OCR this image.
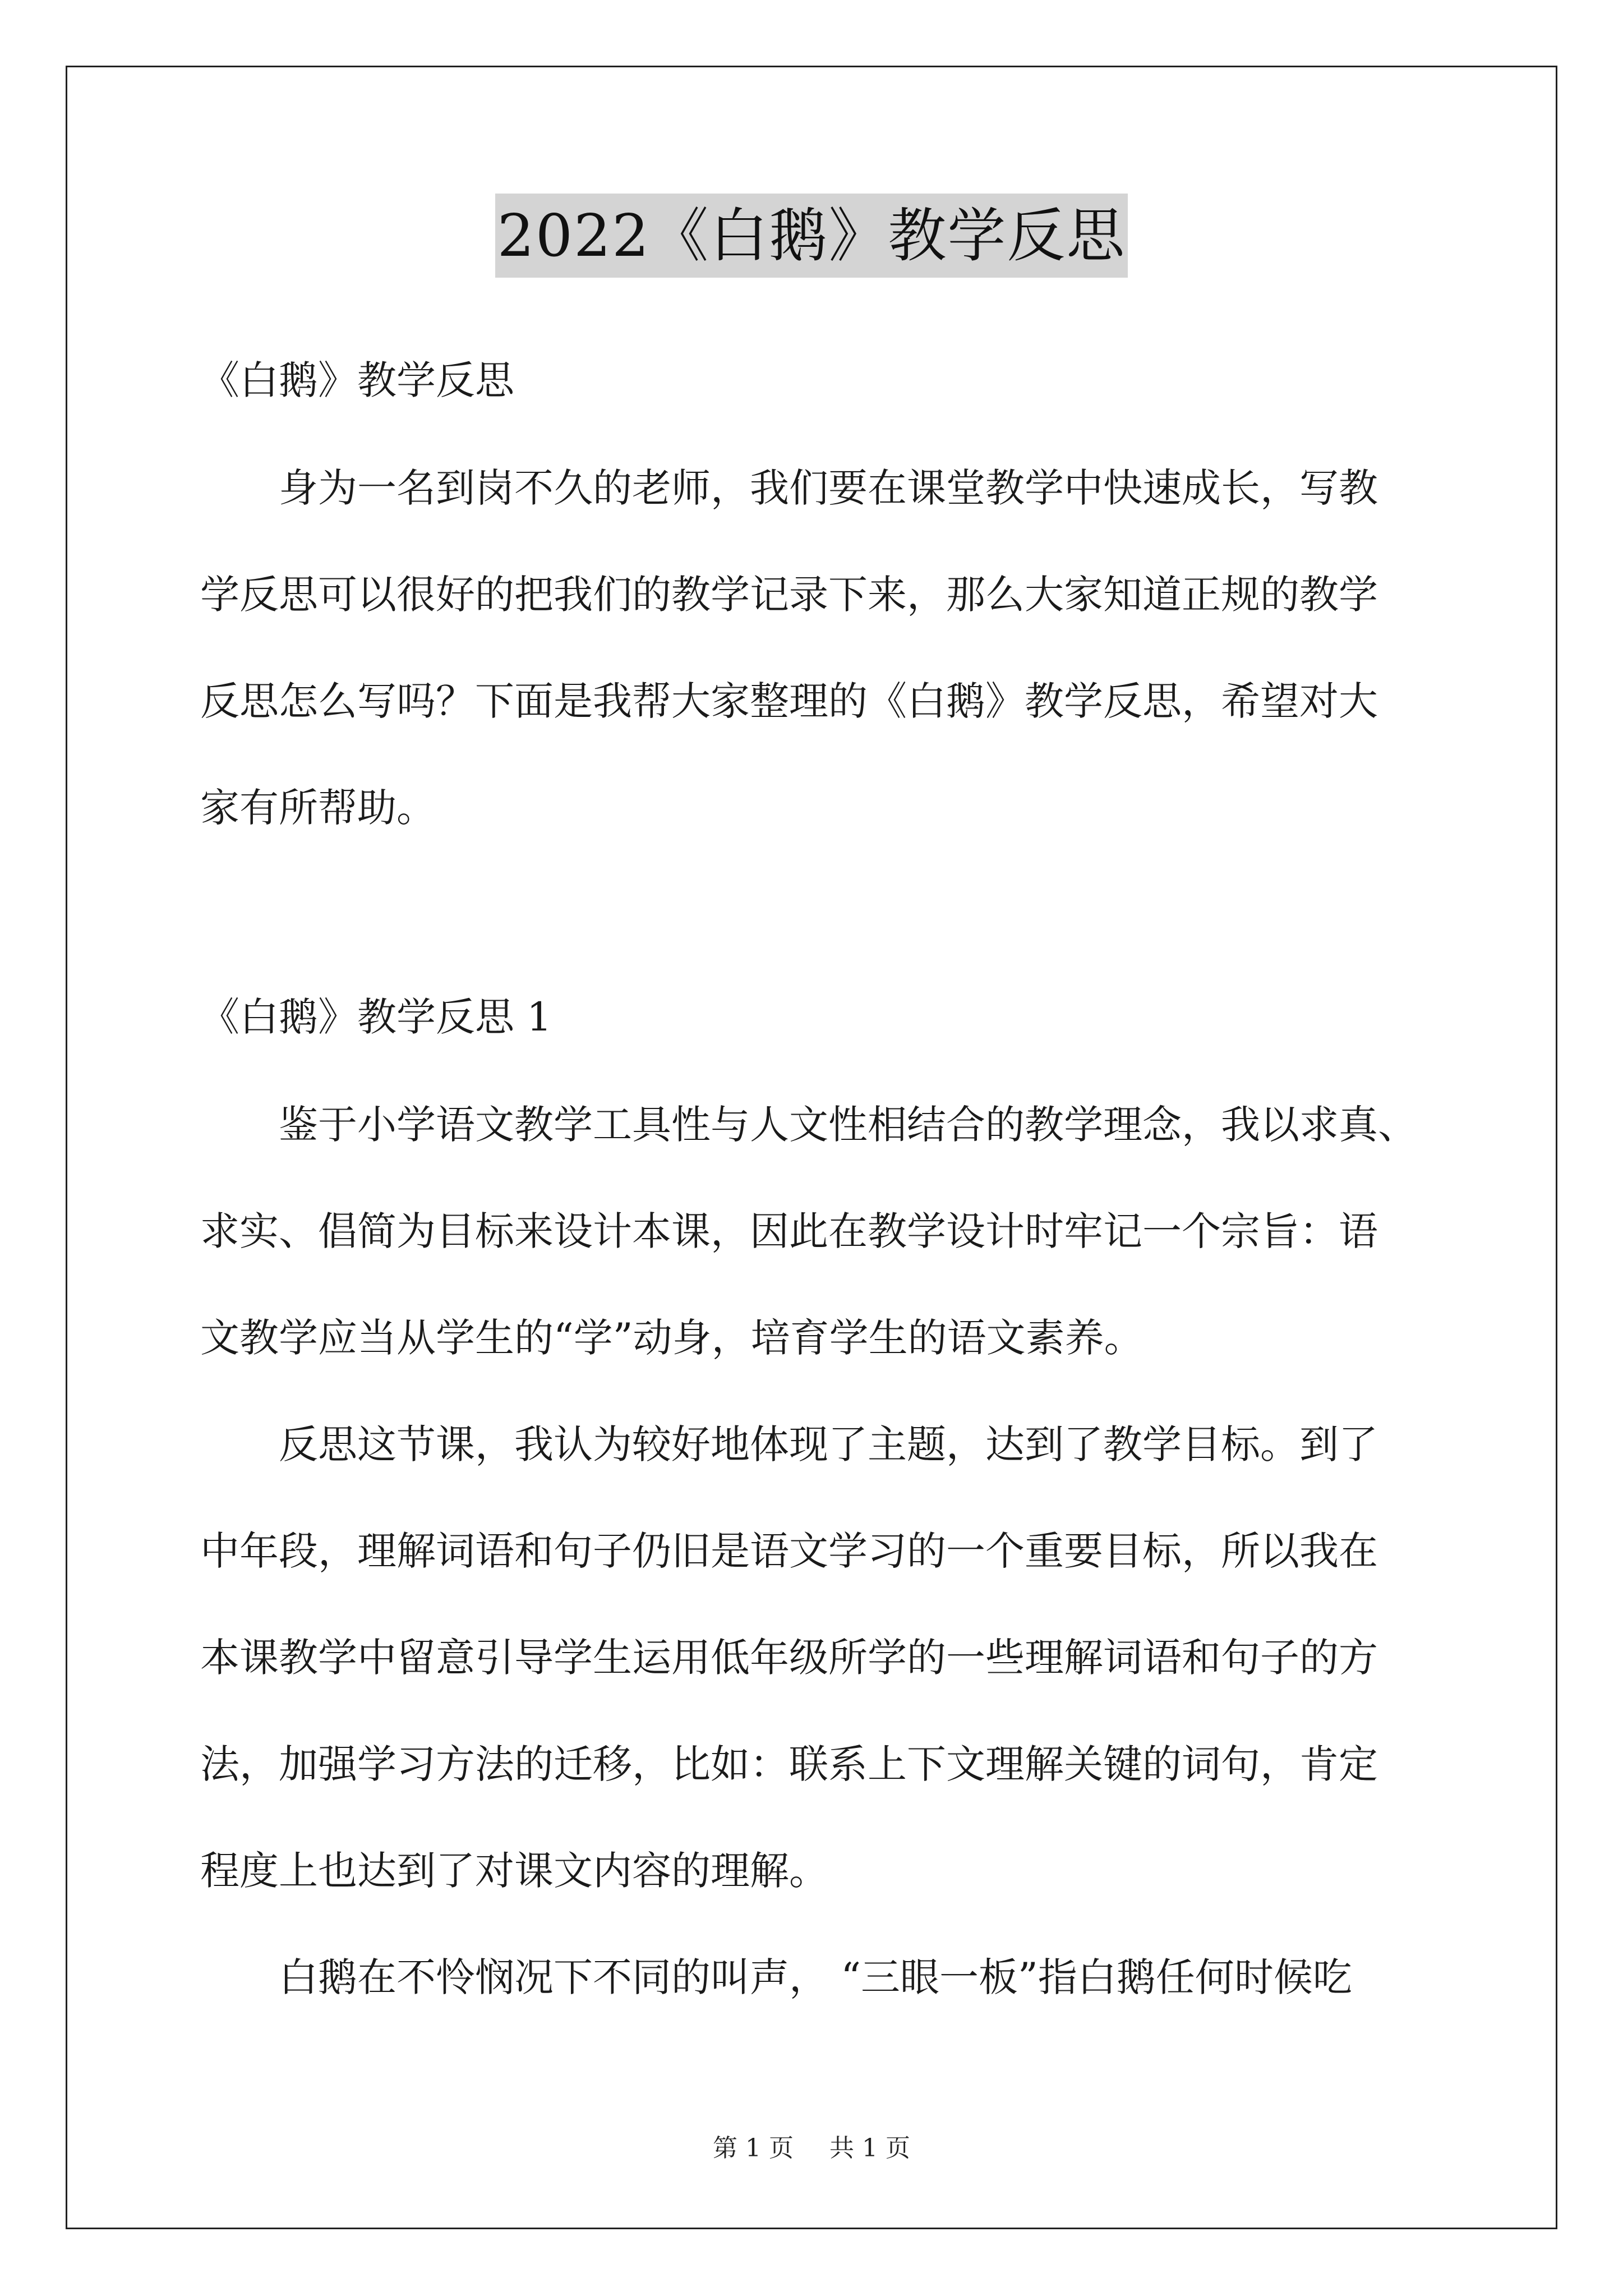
2022《白鹅》教学反思
《白鹅》教学反思

身为一名到岗不久的老师，我们要在课堂教学中快速成长，写教

学反思可以很好的把我们的教学记录下来，那么大家知道正规的教学

反思怎么写吗？下面是我帮大家整理的《白鹅》教学反思，希望对大

家有所帮助。

《白鹅》教学反思 1

鉴于小学语文教学工具性与人文性相结合的教学理念，我以求真、

求实、倡简为目标来设计本课，因此在教学设计时牢记一个宗旨：语

文教学应当从学生的“学”动身，培育学生的语文素养。

反思这节课，我认为较好地体现了主题，达到了教学目标。到了

中年段，理解词语和句子仍旧是语文学习的一个重要目标，所以我在

本课教学中留意引导学生运用低年级所学的一些理解词语和句子的方

法，加强学习方法的迁移，比如：联系上下文理解关键的词句，肯定

程度上也达到了对课文内容的理解。

白鹅在不怜悯况下不同的叫声， “三眼一板”指白鹅任何时候吃

第 1 页 共 1 页
